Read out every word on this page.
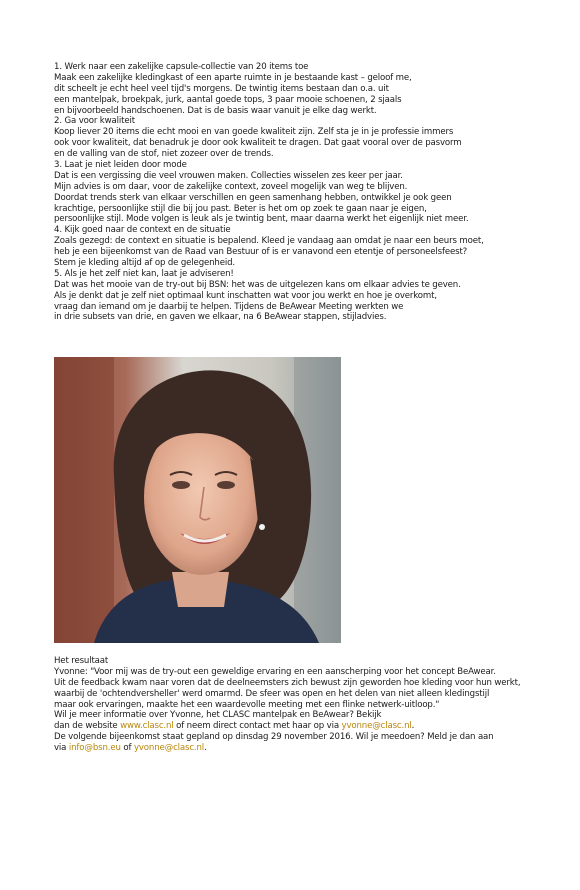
1. Werk naar een zakelijke capsule-collectie van 20 items toe
Maak een zakelijke kledingkast of een aparte ruimte in je bestaande kast – geloof me,
dit scheelt je echt heel veel tijd's morgens. De twintig items bestaan dan o.a. uit
een mantelpak, broekpak, jurk, aantal goede tops, 3 paar mooie schoenen, 2 sjaals
en bijvoorbeeld handschoenen. Dat is de basis waar vanuit je elke dag werkt.
2. Ga voor kwaliteit
Koop liever 20 items die echt mooi en van goede kwaliteit zijn. Zelf sta je in je professie immers
ook voor kwaliteit, dat benadruk je door ook kwaliteit te dragen. Dat gaat vooral over de pasvorm
en de valling van de stof, niet zozeer over de trends.
3. Laat je niet leiden door mode
Dat is een vergissing die veel vrouwen maken. Collecties wisselen zes keer per jaar.
Mijn advies is om daar, voor de zakelijke context, zoveel mogelijk van weg te blijven.
Doordat trends sterk van elkaar verschillen en geen samenhang hebben, ontwikkel je ook geen
krachtige, persoonlijke stijl die bij jou past. Beter is het om op zoek te gaan naar je eigen,
persoonlijke stijl. Mode volgen is leuk als je twintig bent, maar daarna werkt het eigenlijk niet meer.
4. Kijk goed naar de context en de situatie
Zoals gezegd: de context en situatie is bepalend. Kleed je vandaag aan omdat je naar een beurs moet,
heb je een bijeenkomst van de Raad van Bestuur of is er vanavond een etentje of personeelsfeest?
Stem je kleding altijd af op de gelegenheid.
5. Als je het zelf niet kan, laat je adviseren!
Dat was het mooie van de try-out bij BSN: het was de uitgelezen kans om elkaar advies te geven.
Als je denkt dat je zelf niet optimaal kunt inschatten wat voor jou werkt en hoe je overkomt,
vraag dan iemand om je daarbij te helpen. Tijdens de BeAwear Meeting werkten we
in drie subsets van drie, en gaven we elkaar, na 6 BeAwear stappen, stijladvies.
Het resultaat
Yvonne: "Voor mij was de try-out een geweldige ervaring en een aanscherping voor het concept BeAwear.
Uit de feedback kwam naar voren dat de deelneemsters zich bewust zijn geworden hoe kleding voor hun werkt,
waarbij de 'ochtendversheller' werd omarmd. De sfeer was open en het delen van niet alleen kledingstijl
maar ook ervaringen, maakte het een waardevolle meeting met een flinke netwerk-uitloop."
Wil je meer informatie over Yvonne, het CLASC mantelpak en BeAwear? Bekijk
dan de website www.clasc.nl of neem direct contact met haar op via yvonne@clasc.nl.
De volgende bijeenkomst staat gepland op dinsdag 29 november 2016. Wil je meedoen? Meld je dan aan
via info@bsn.eu of yvonne@clasc.nl.
